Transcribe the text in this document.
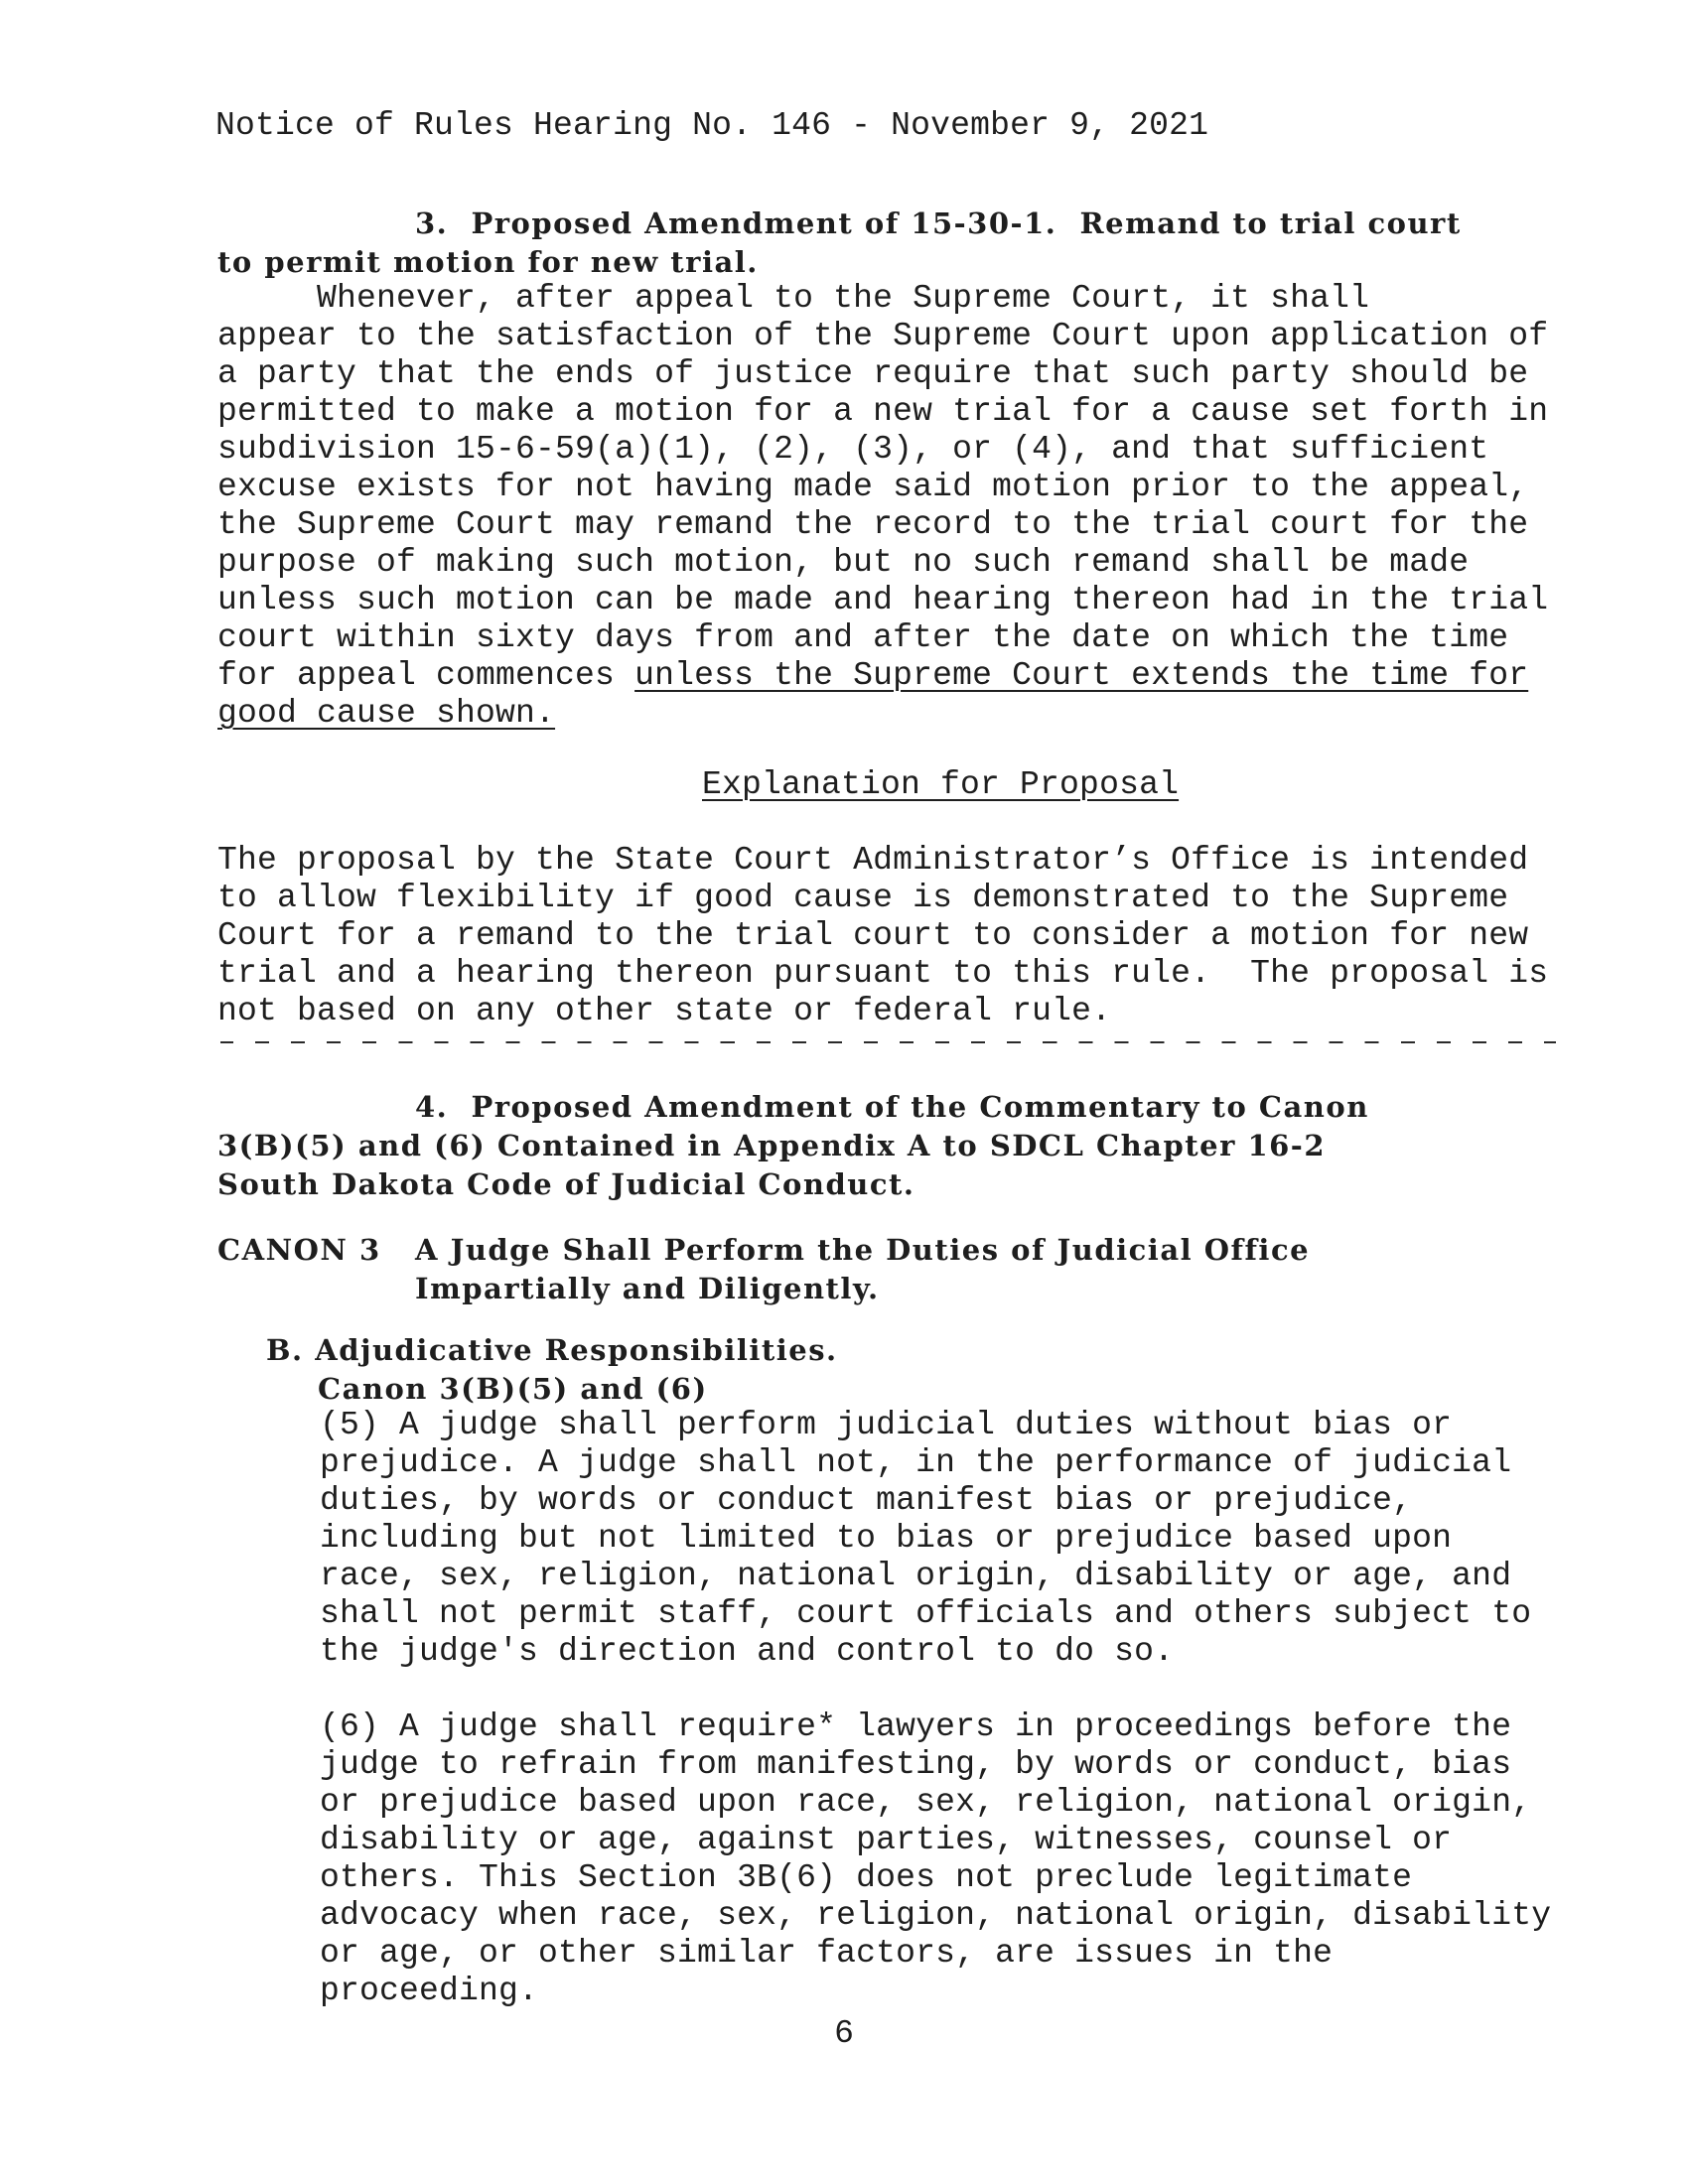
Notice of Rules Hearing No. 146 - November 9, 2021
3.  Proposed Amendment of 15-30-1.  Remand to trial court
to permit motion for new trial.
Whenever, after appeal to the Supreme Court, it shall
appear to the satisfaction of the Supreme Court upon application of
a party that the ends of justice require that such party should be
permitted to make a motion for a new trial for a cause set forth in
subdivision 15-6-59(a)(1), (2), (3), or (4), and that sufficient
excuse exists for not having made said motion prior to the appeal,
the Supreme Court may remand the record to the trial court for the
purpose of making such motion, but no such remand shall be made
unless such motion can be made and hearing thereon had in the trial
court within sixty days from and after the date on which the time
for appeal commences unless the Supreme Court extends the time for
good cause shown.
Explanation for Proposal
The proposal by the State Court Administrator’s Office is intended
to allow flexibility if good cause is demonstrated to the Supreme
Court for a remand to the trial court to consider a motion for new
trial and a hearing thereon pursuant to this rule.  The proposal is
not based on any other state or federal rule.
4.  Proposed Amendment of the Commentary to Canon
3(B)(5) and (6) Contained in Appendix A to SDCL Chapter 16-2
South Dakota Code of Judicial Conduct.
CANON 3 A Judge Shall Perform the Duties of Judicial Office
Impartially and Diligently.
B. Adjudicative Responsibilities.
Canon 3(B)(5) and (6)
(5) A judge shall perform judicial duties without bias or
prejudice. A judge shall not, in the performance of judicial
duties, by words or conduct manifest bias or prejudice,
including but not limited to bias or prejudice based upon
race, sex, religion, national origin, disability or age, and
shall not permit staff, court officials and others subject to
the judge's direction and control to do so.
(6) A judge shall require* lawyers in proceedings before the
judge to refrain from manifesting, by words or conduct, bias
or prejudice based upon race, sex, religion, national origin,
disability or age, against parties, witnesses, counsel or
others. This Section 3B(6) does not preclude legitimate
advocacy when race, sex, religion, national origin, disability
or age, or other similar factors, are issues in the
proceeding.
6
